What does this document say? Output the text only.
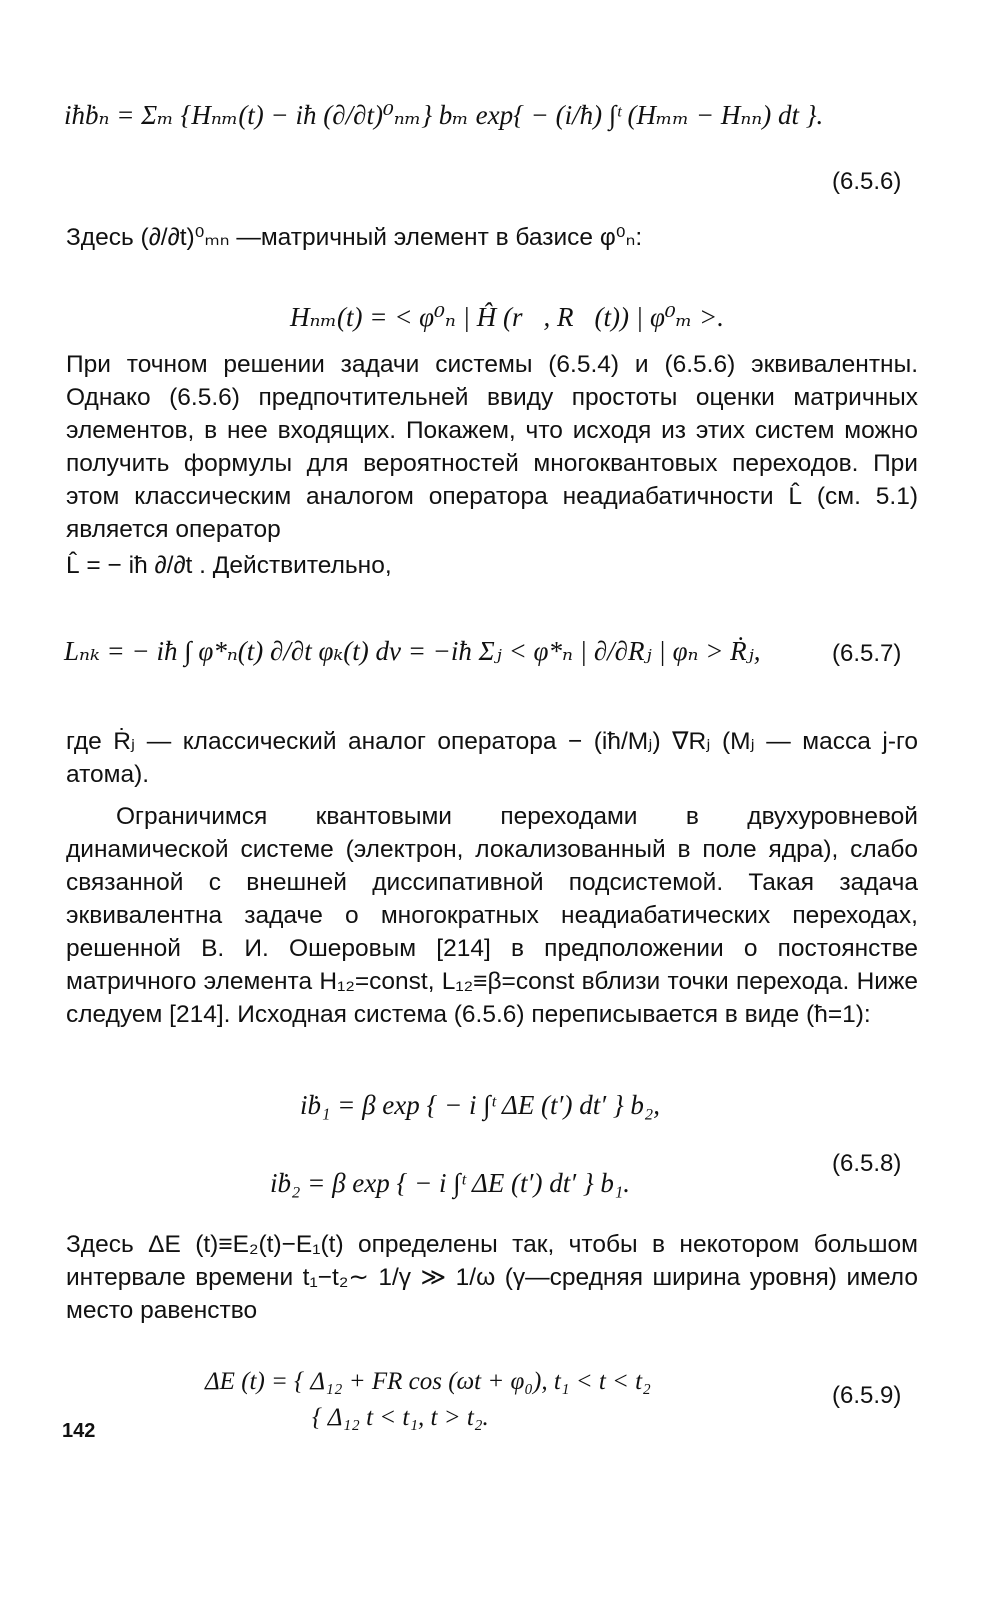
iħḃₙ = Σₘ {Hₙₘ(t) − iħ (∂/∂t)⁰ₙₘ} bₘ exp{ − (i/ħ) ∫ᵗ (Hₘₘ − Hₙₙ) dt }.
(6.5.6)
Здесь (∂/∂t)⁰ₘₙ —матричный элемент в базисе φ⁰ₙ:
Hₙₘ(t) = < φ⁰ₙ | Ĥ (r⃗, R⃗(t)) | φ⁰ₘ >.
При точном решении задачи системы (6.5.4) и (6.5.6) эквивалентны. Однако (6.5.6) предпочтительней ввиду простоты оценки матричных элементов, в нее входящих. Покажем, что исходя из этих систем можно получить формулы для вероятностей многоквантовых переходов. При этом классическим аналогом оператора неадиабатичности L̂ (см. 5.1) является оператор
L̂ = − iħ ∂/∂t . Действительно,
Lₙₖ = − iħ ∫ φ*ₙ(t) ∂/∂t φₖ(t) dv = −iħ Σⱼ < φ*ₙ | ∂/∂Rⱼ | φₙ > Ṙⱼ,	(6.5.7)
где Ṙⱼ — классический аналог оператора − (iħ/Mⱼ) ∇Rⱼ (Mⱼ — масса j-го атома).
Ограничимся квантовыми переходами в двухуровневой динамической системе (электрон, локализованный в поле ядра), слабо связанной с внешней диссипативной подсистемой. Такая задача эквивалентна задаче о многократных неадиабатических переходах, решенной В. И. Ошеровым [214] в предположении о постоянстве матричного элемента H₁₂=const, L₁₂≡β=const вблизи точки перехода. Ниже следуем [214]. Исходная система (6.5.6) переписывается в виде (ħ=1):
iḃ₁ = β exp { − i ∫ᵗ ΔE (t′) dt′ } b₂,
iḃ₂ = β exp { − i ∫ᵗ ΔE (t′) dt′ } b₁.
(6.5.8)
Здесь ΔE (t)≡E₂(t)−E₁(t) определены так, чтобы в некотором большом интервале времени t₁−t₂∼ 1/γ ≫ 1/ω (γ—средняя ширина уровня) имело место равенство
ΔE (t) = { Δ₁₂ + FR cos (ωt + φ₀), t₁ < t < t₂
{ Δ₁₂ t < t₁, t > t₂.
(6.5.9)
142
